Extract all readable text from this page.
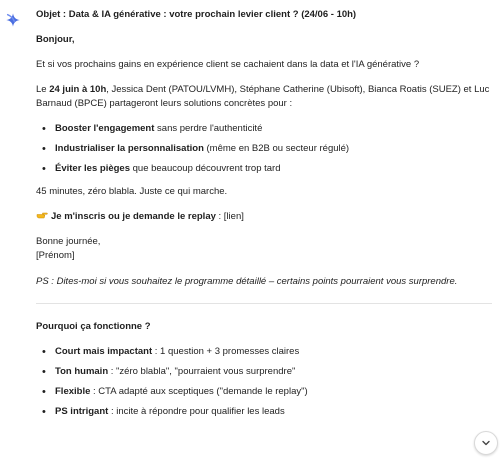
Objet : Data & IA générative : votre prochain levier client ? (24/06 - 10h)
Bonjour,
Et si vos prochains gains en expérience client se cachaient dans la data et l'IA générative ?
Le 24 juin à 10h, Jessica Dent (PATOU/LVMH), Stéphane Catherine (Ubisoft), Bianca Roatis (SUEZ) et Luc Barnaud (BPCE) partageront leurs solutions concrètes pour :
• Booster l'engagement sans perdre l'authenticité
• Industrialiser la personnalisation (même en B2B ou secteur régulé)
• Éviter les pièges que beaucoup découvrent trop tard
45 minutes, zéro blabla. Juste ce qui marche.
Je m'inscris ou je demande le replay : [lien]
Bonne journée,
[Prénom]
PS : Dites-moi si vous souhaitez le programme détaillé – certains points pourraient vous surprendre.
Pourquoi ça fonctionne ?
• Court mais impactant : 1 question + 3 promesses claires
• Ton humain : "zéro blabla", "pourraient vous surprendre"
• Flexible : CTA adapté aux sceptiques ("demande le replay")
• PS intrigant : incite à répondre pour qualifier les leads
